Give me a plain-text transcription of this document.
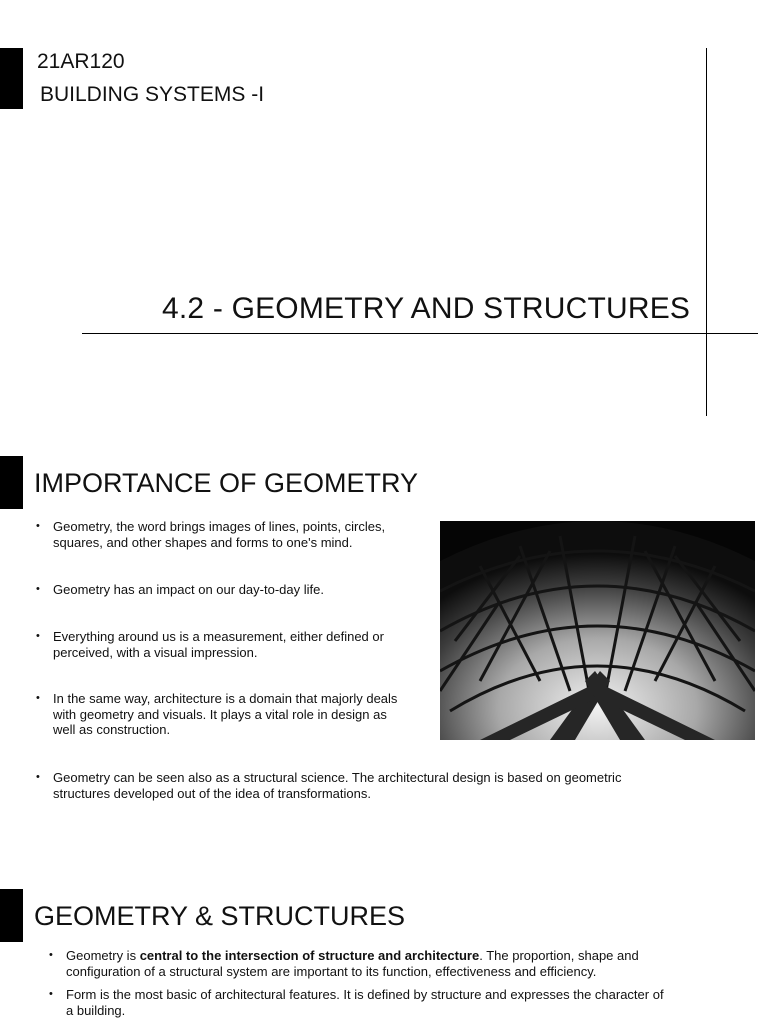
21AR120
BUILDING SYSTEMS -I
4.2 - GEOMETRY AND STRUCTURES
IMPORTANCE OF GEOMETRY
• Geometry, the word brings images of lines, points, circles,
squares, and other shapes and forms to one's mind.
• Geometry has an impact on our day-to-day life.
• Everything around us is a measurement, either defined or
perceived, with a visual impression.
• In the same way, architecture is a domain that majorly deals
with geometry and visuals. It plays a vital role in design as
well as construction.
• Geometry can be seen also as a structural science. The architectural design is based on geometric
structures developed out of the idea of transformations.
GEOMETRY & STRUCTURES
• Geometry is central to the intersection of structure and architecture. The proportion, shape and
configuration of a structural system are important to its function, effectiveness and efficiency.
• Form is the most basic of architectural features. It is defined by structure and expresses the character of
a building.
